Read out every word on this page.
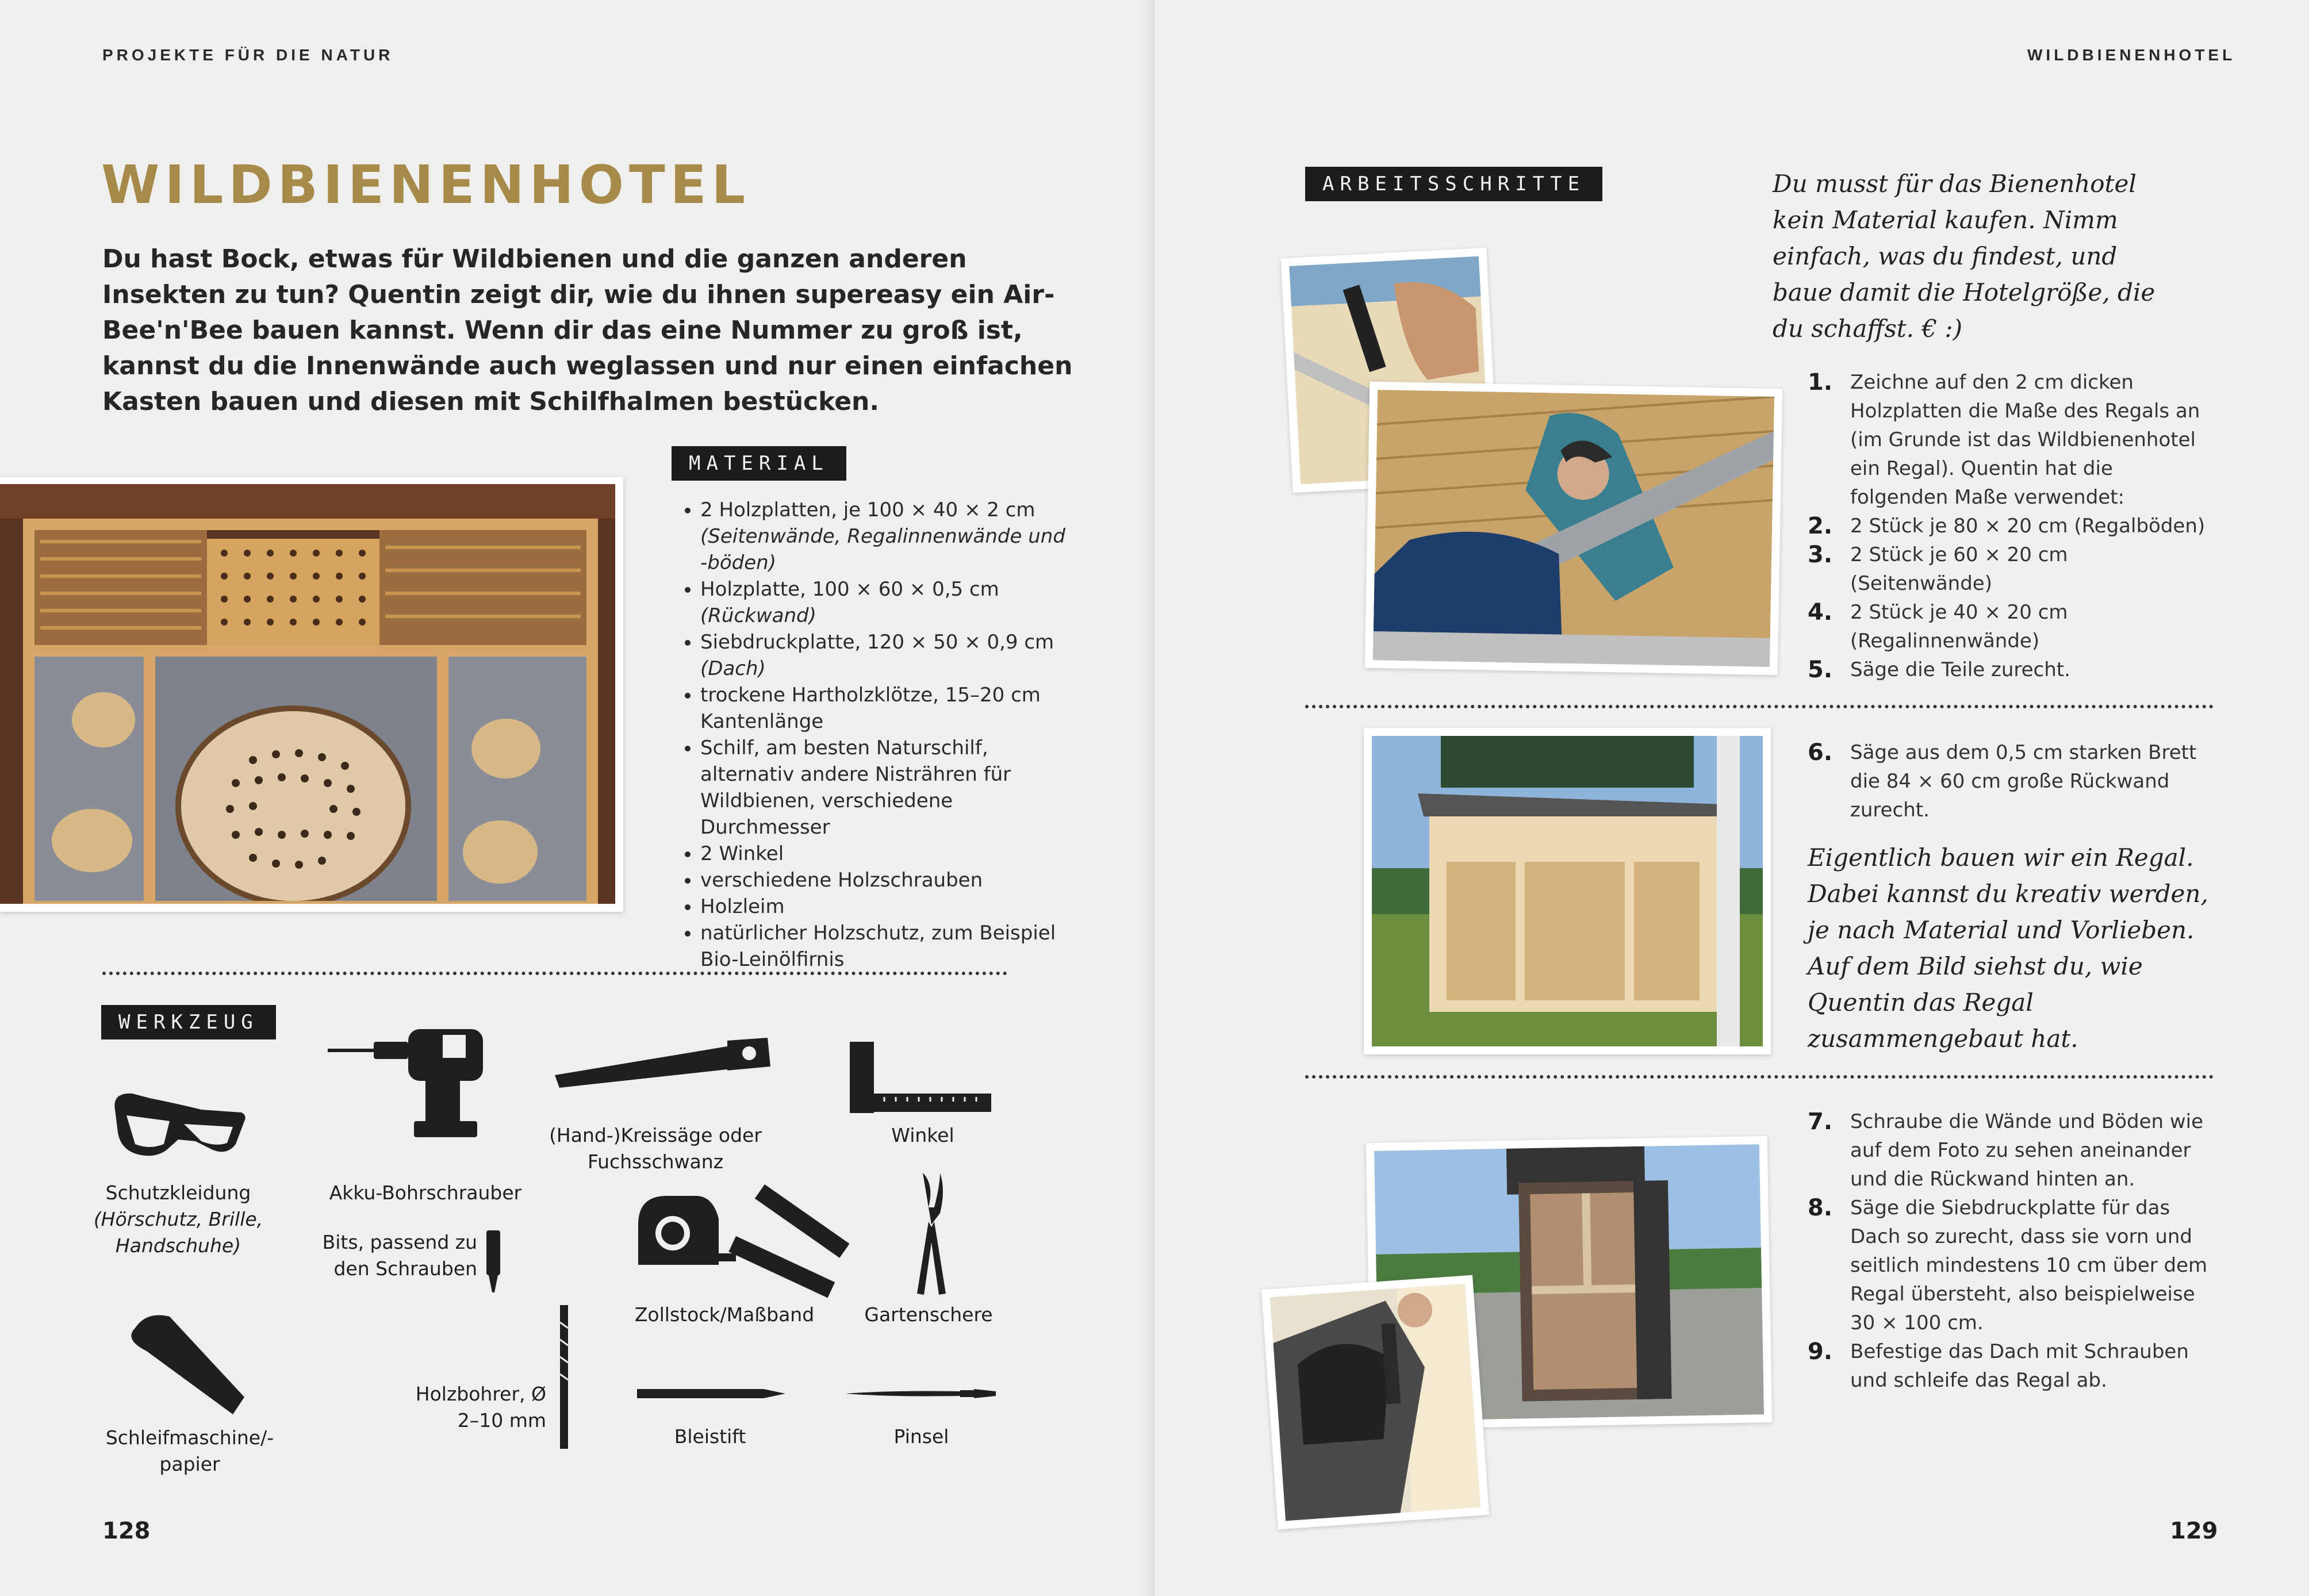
PROJEKTE FÜR DIE NATUR
WILDBIENENHOTEL
Du hast Bock, etwas für Wildbienen und die ganzen anderen Insekten zu tun? Quentin zeigt dir, wie du ihnen supereasy ein Air-Bee'n'Bee bauen kannst. Wenn dir das eine Nummer zu groß ist, kannst du die Innenwände auch weglassen und nur einen einfachen Kasten bauen und diesen mit Schilfhalmen bestücken.
MATERIAL
• 2 Holzplatten, je 100 × 40 × 2 cm (Seitenwände, Regalinnenwände und -böden)
• Holzplatte, 100 × 60 × 0,5 cm (Rückwand)
• Siebdruckplatte, 120 × 50 × 0,9 cm (Dach)
• trockene Hartholzklötze, 15–20 cm Kantenlänge
• Schilf, am besten Naturschilf, alternativ andere Nisträhren für Wildbienen, verschiedene Durchmesser
• 2 Winkel
• verschiedene Holzschrauben
• Holzleim
• natürlicher Holzschutz, zum Beispiel Bio-Leinölfirnis
WERKZEUG
Schutzkleidung
(Hörschutz, Brille, Handschuhe)
Akku-Bohrschrauber
Bits, passend zu den Schrauben
(Hand-)Kreissäge oder Fuchsschwanz
Winkel
Zollstock/Maßband	Gartenschere
Schleifmaschine/-papier
Holzbohrer, Ø 2–10 mm
Bleistift	Pinsel
128
WILDBIENENHOTEL
ARBEITSSCHRITTE	Du musst für das Bienenhotel kein Material kaufen. Nimm einfach, was du findest, und baue damit die Hotelgröße, die du schaffst. € :)
1. Zeichne auf den 2 cm dicken Holzplatten die Maße des Regals an (im Grunde ist das Wildbienenhotel ein Regal). Quentin hat die folgenden Maße verwendet:
2. 2 Stück je 80 × 20 cm (Regalböden)
3. 2 Stück je 60 × 20 cm (Seitenwände)
4. 2 Stück je 40 × 20 cm (Regalinnenwände)
5. Säge die Teile zurecht.
6. Säge aus dem 0,5 cm starken Brett die 84 × 60 cm große Rückwand zurecht.
Eigentlich bauen wir ein Regal. Dabei kannst du kreativ werden, je nach Material und Vorlieben. Auf dem Bild siehst du, wie Quentin das Regal zusammengebaut hat.
7. Schraube die Wände und Böden wie auf dem Foto zu sehen aneinander und die Rückwand hinten an.
8. Säge die Siebdruckplatte für das Dach so zurecht, dass sie vorn und seitlich mindestens 10 cm über dem Regal übersteht, also beispielweise 30 × 100 cm.
9. Befestige das Dach mit Schrauben und schleife das Regal ab.
129
